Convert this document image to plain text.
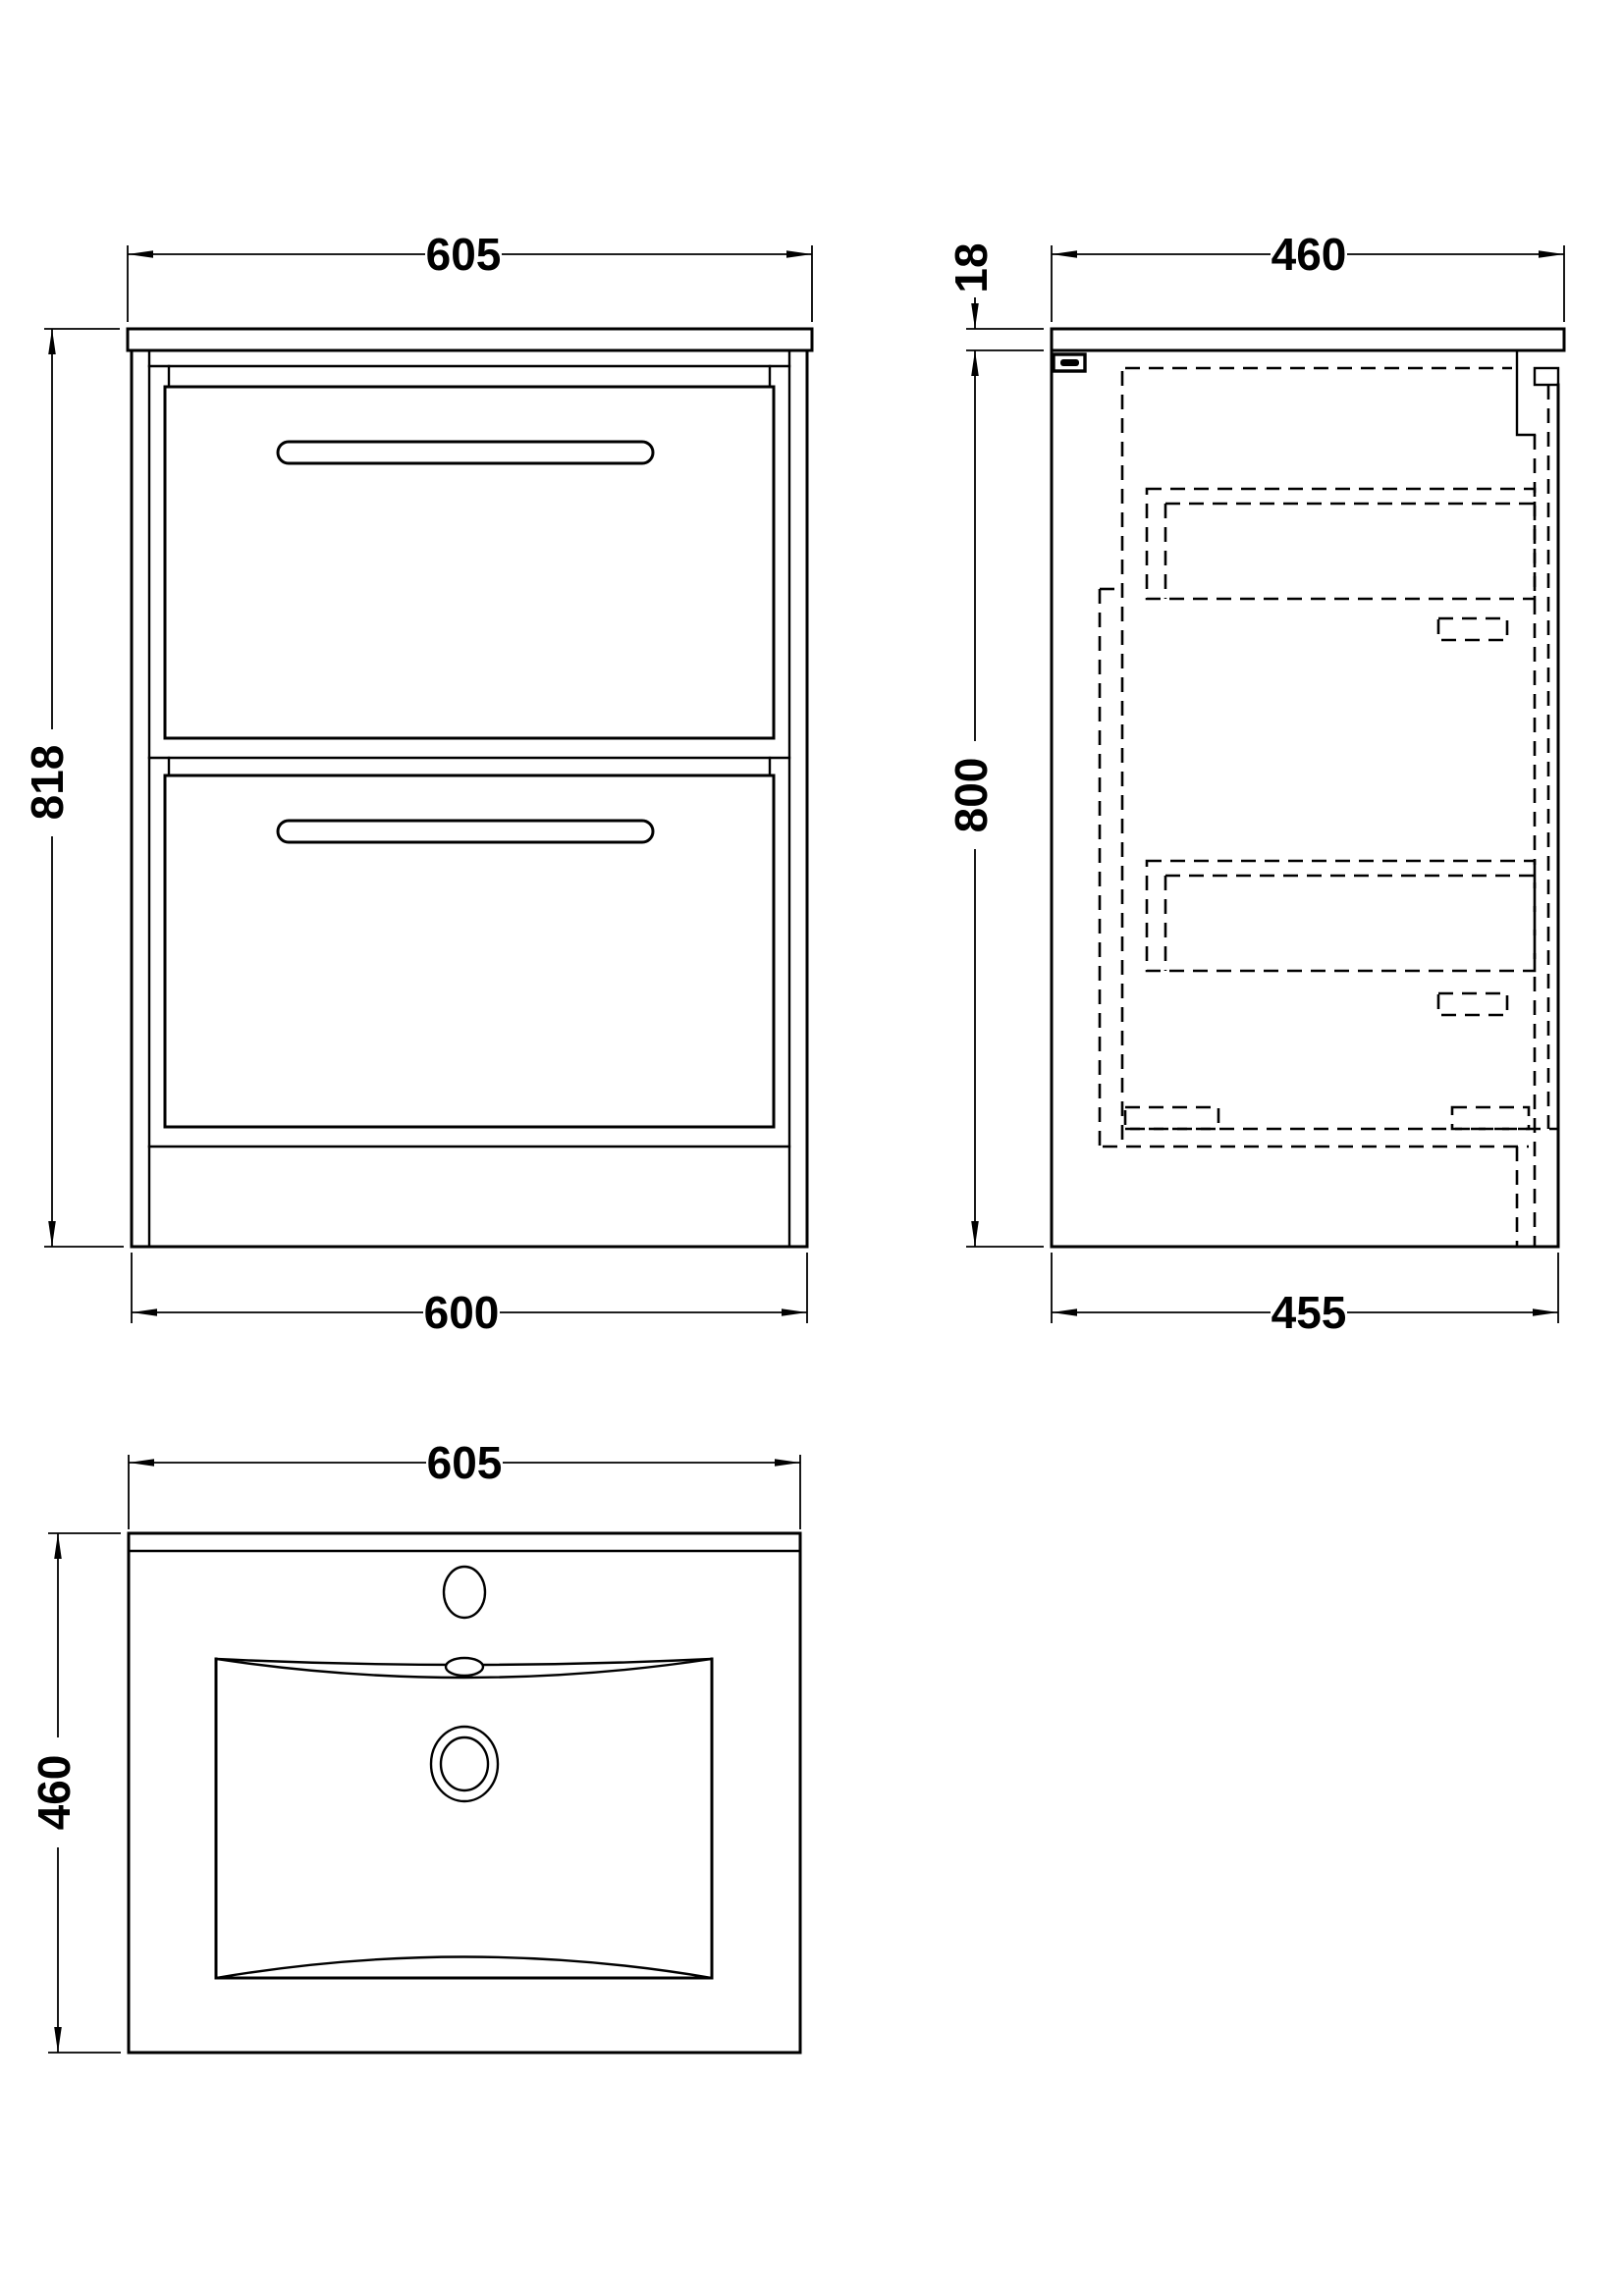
605
818
600
460
18
800
455
605
460
